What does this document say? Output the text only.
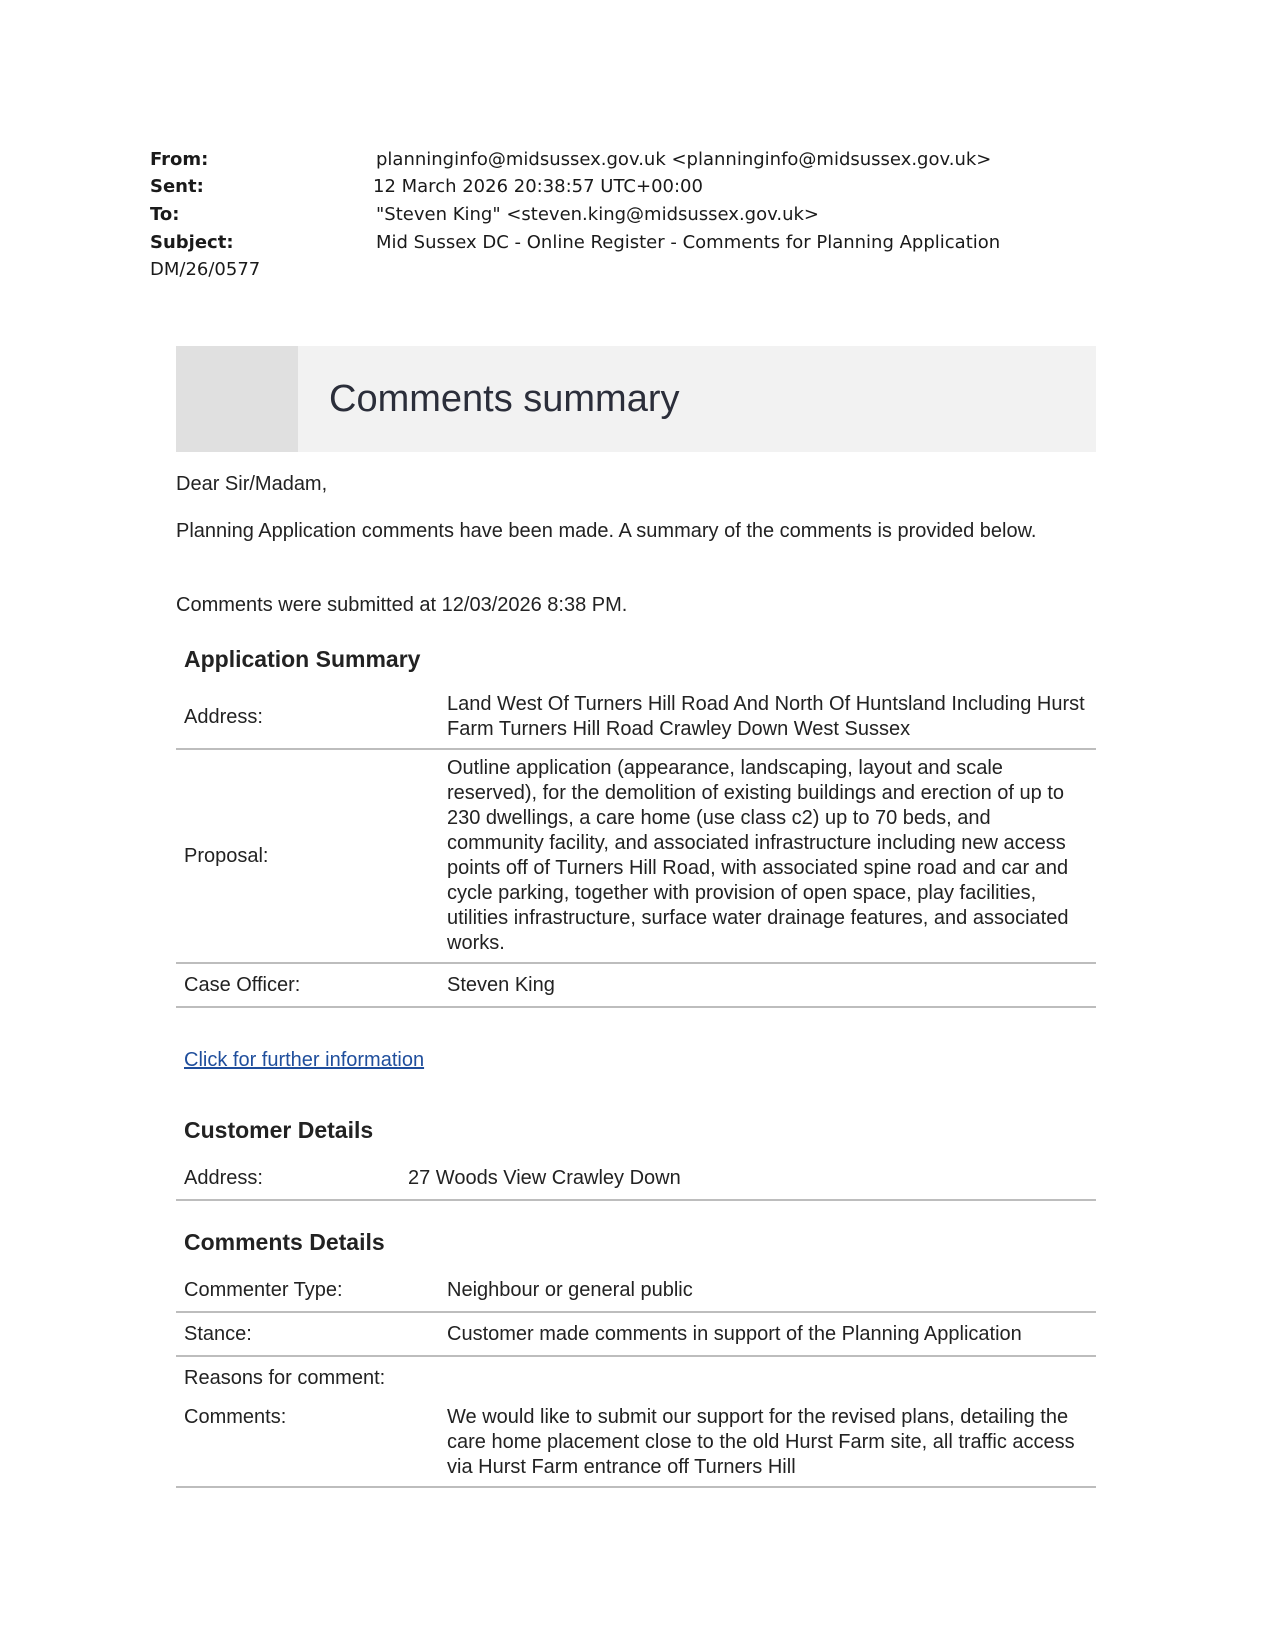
From:	planninginfo@midsussex.gov.uk <planninginfo@midsussex.gov.uk>
Sent:	12 March 2026 20:38:57 UTC+00:00
To:	"Steven King" <steven.king@midsussex.gov.uk>
Subject:	Mid Sussex DC - Online Register - Comments for Planning Application
DM/26/0577
Comments summary
Dear Sir/Madam,
Planning Application comments have been made. A summary of the comments is provided below.
Comments were submitted at 12/03/2026 8:38 PM.
Application Summary
Address:	Land West Of Turners Hill Road And North Of Huntsland Including Hurst Farm Turners Hill Road Crawley Down West Sussex
Proposal:	Outline application (appearance, landscaping, layout and scale reserved), for the demolition of existing buildings and erection of up to 230 dwellings, a care home (use class c2) up to 70 beds, and community facility, and associated infrastructure including new access points off of Turners Hill Road, with associated spine road and car and cycle parking, together with provision of open space, play facilities, utilities infrastructure, surface water drainage features, and associated works.
Case Officer:	Steven King
Click for further information
Customer Details
Address:	27 Woods View Crawley Down
Comments Details
Commenter Type:	Neighbour or general public
Stance:	Customer made comments in support of the Planning Application
Reasons for comment:	
Comments:	We would like to submit our support for the revised plans, detailing the care home placement close to the old Hurst Farm site, all traffic access via Hurst Farm entrance off Turners Hill
